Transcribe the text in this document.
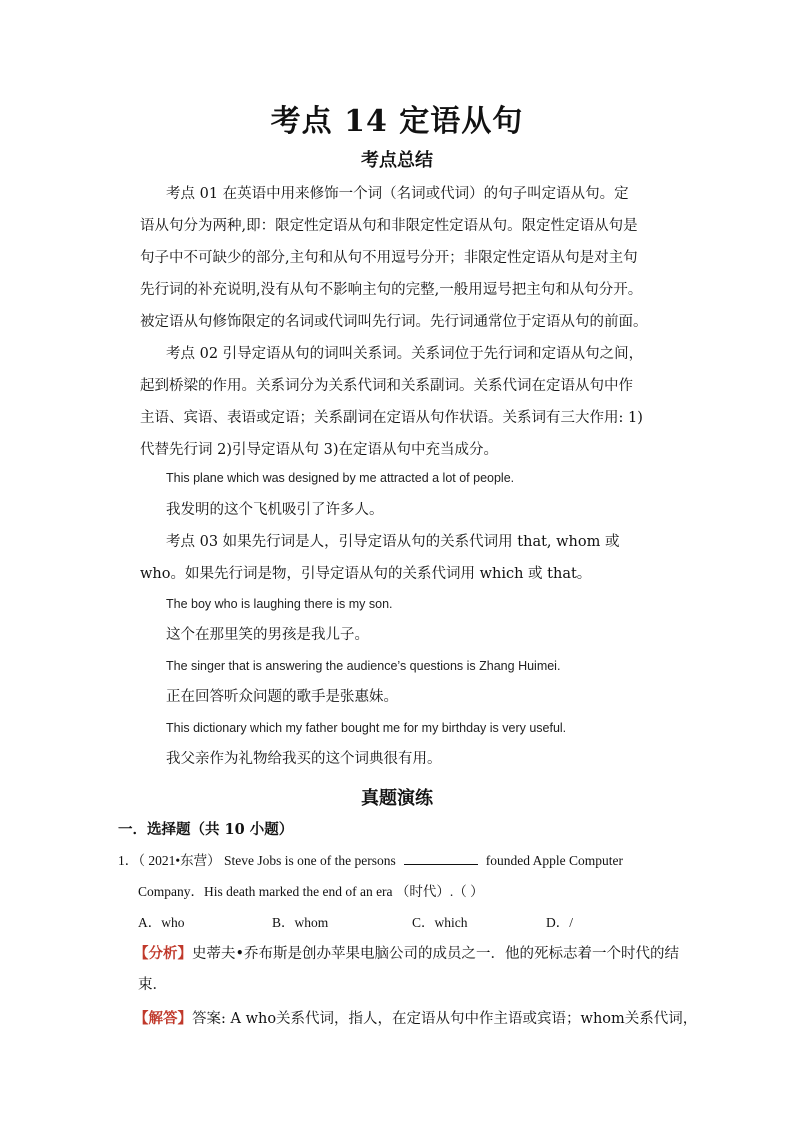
考点 14 定语从句
考点总结
考点 01 在英语中用来修饰一个词（名词或代词）的句子叫定语从句。定
语从句分为两种,即：限定性定语从句和非限定性定语从句。限定性定语从句是
句子中不可缺少的部分,主句和从句不用逗号分开；非限定性定语从句是对主句
先行词的补充说明,没有从句不影响主句的完整,一般用逗号把主句和从句分开。
被定语从句修饰限定的名词或代词叫先行词。先行词通常位于定语从句的前面。
考点 02 引导定语从句的词叫关系词。关系词位于先行词和定语从句之间，
起到桥梁的作用。关系词分为关系代词和关系副词。关系代词在定语从句中作
主语、宾语、表语或定语；关系副词在定语从句作状语。关系词有三大作用: 1)
代替先行词 2)引导定语从句 3)在定语从句中充当成分。
This plane which was designed by me attracted a lot of people.
我发明的这个飞机吸引了许多人。
考点 03 如果先行词是人，引导定语从句的关系代词用 that, whom 或
who。如果先行词是物，引导定语从句的关系代词用 which 或 that。
The boy who is laughing there is my son.
这个在那里笑的男孩是我儿子。
The singer that is answering the audience’s questions is Zhang Huimei.
正在回答听众问题的歌手是张惠妹。
This dictionary which my father bought me for my birthday is very useful.
我父亲作为礼物给我买的这个词典很有用。
真题演练
一．选择题（共 10 小题）
1．（ 2021•东营） Steve Jobs is one of the persons	founded Apple Computer
Company．His death marked the end of an era （时代）.（ ）
A．who	B．whom	C．which	D．/
【分析】史蒂夫•乔布斯是创办苹果电脑公司的成员之一．他的死标志着一个时代的结
束．
【解答】答案: A who关系代词，指人，在定语从句中作主语或宾语；whom关系代词，
